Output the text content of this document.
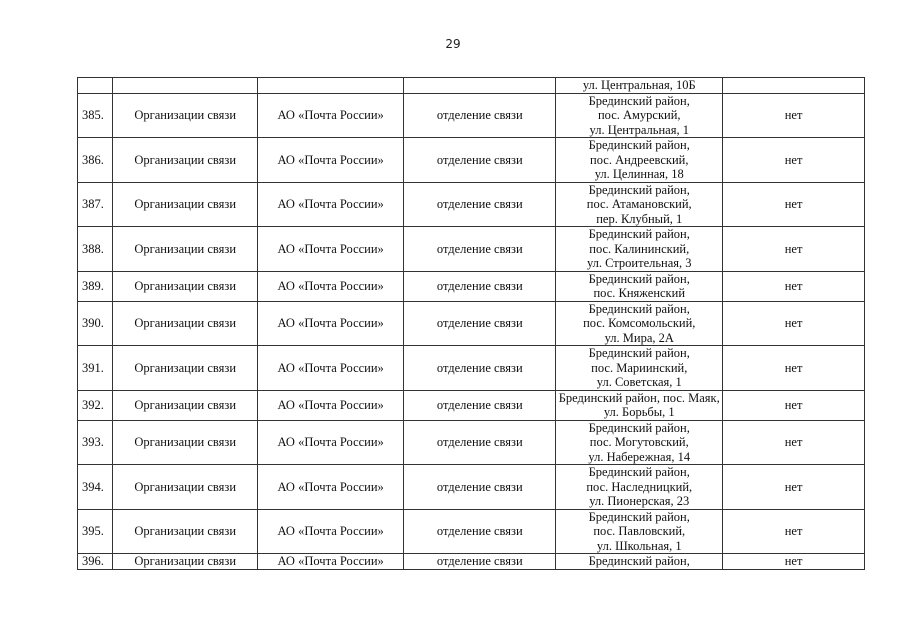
29

				ул. Центральная, 10Б	

385.	Организации связи	АО «Почта России»	отделение связи	Брединский район,
пос. Амурский,
ул. Центральная, 1	нет
386.	Организации связи	АО «Почта России»	отделение связи	Брединский район,
пос. Андреевский,
ул. Целинная, 18	нет
387.	Организации связи	АО «Почта России»	отделение связи	Брединский район,
пос. Атамановский,
пер. Клубный, 1	нет
388.	Организации связи	АО «Почта России»	отделение связи	Брединский район,
пос. Калининский,
ул. Строительная, 3	нет
389.	Организации связи	АО «Почта России»	отделение связи	Брединский район,
пос. Княженский	нет
390.	Организации связи	АО «Почта России»	отделение связи	Брединский район,
пос. Комсомольский,
ул. Мира, 2А	нет
391.	Организации связи	АО «Почта России»	отделение связи	Брединский район,
пос. Мариинский,
ул. Советская, 1	нет
392.	Организации связи	АО «Почта России»	отделение связи	Брединский район, пос. Маяк,
ул. Борьбы, 1	нет
393.	Организации связи	АО «Почта России»	отделение связи	Брединский район,
пос. Могутовский,
ул. Набережная, 14	нет
394.	Организации связи	АО «Почта России»	отделение связи	Брединский район,
пос. Наследницкий,
ул. Пионерская, 23	нет
395.	Организации связи	АО «Почта России»	отделение связи	Брединский район,
пос. Павловский,
ул. Школьная, 1	нет
396.	Организации связи	АО «Почта России»	отделение связи	Брединский район,	нет
